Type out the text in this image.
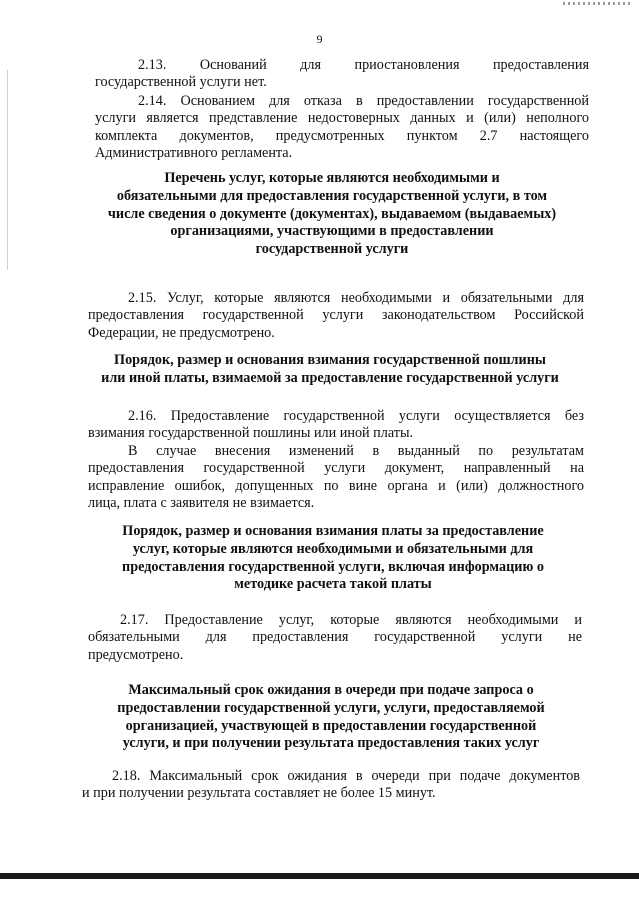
9
2.13. Оснований для приостановления предоставления
государственной услуги нет.
2.14. Основанием для отказа в предоставлении государственной
услуги является представление недостоверных данных и (или) неполного
комплекта документов, предусмотренных пунктом 2.7 настоящего
Административного регламента.
Перечень услуг, которые являются необходимыми и
обязательными для предоставления государственной услуги, в том
числе сведения о документе (документах), выдаваемом (выдаваемых)
организациями, участвующими в предоставлении
государственной услуги
2.15. Услуг, которые являются необходимыми и обязательными для
предоставления государственной услуги законодательством Российской
Федерации, не предусмотрено.
Порядок, размер и основания взимания государственной пошлины
или иной платы, взимаемой за предоставление государственной услуги
2.16. Предоставление государственной услуги осуществляется без
взимания государственной пошлины или иной платы.
В случае внесения изменений в выданный по результатам
предоставления государственной услуги документ, направленный на
исправление ошибок, допущенных по вине органа и (или) должностного
лица, плата с заявителя не взимается.
Порядок, размер и основания взимания платы за предоставление
услуг, которые являются необходимыми и обязательными для
предоставления государственной услуги, включая информацию о
методике расчета такой платы
2.17. Предоставление услуг, которые являются необходимыми и
обязательными для предоставления государственной услуги не
предусмотрено.
Максимальный срок ожидания в очереди при подаче запроса о
предоставлении государственной услуги, услуги, предоставляемой
организацией, участвующей в предоставлении государственной
услуги, и при получении результата предоставления таких услуг
2.18. Максимальный срок ожидания в очереди при подаче документов
и при получении результата составляет не более 15 минут.
